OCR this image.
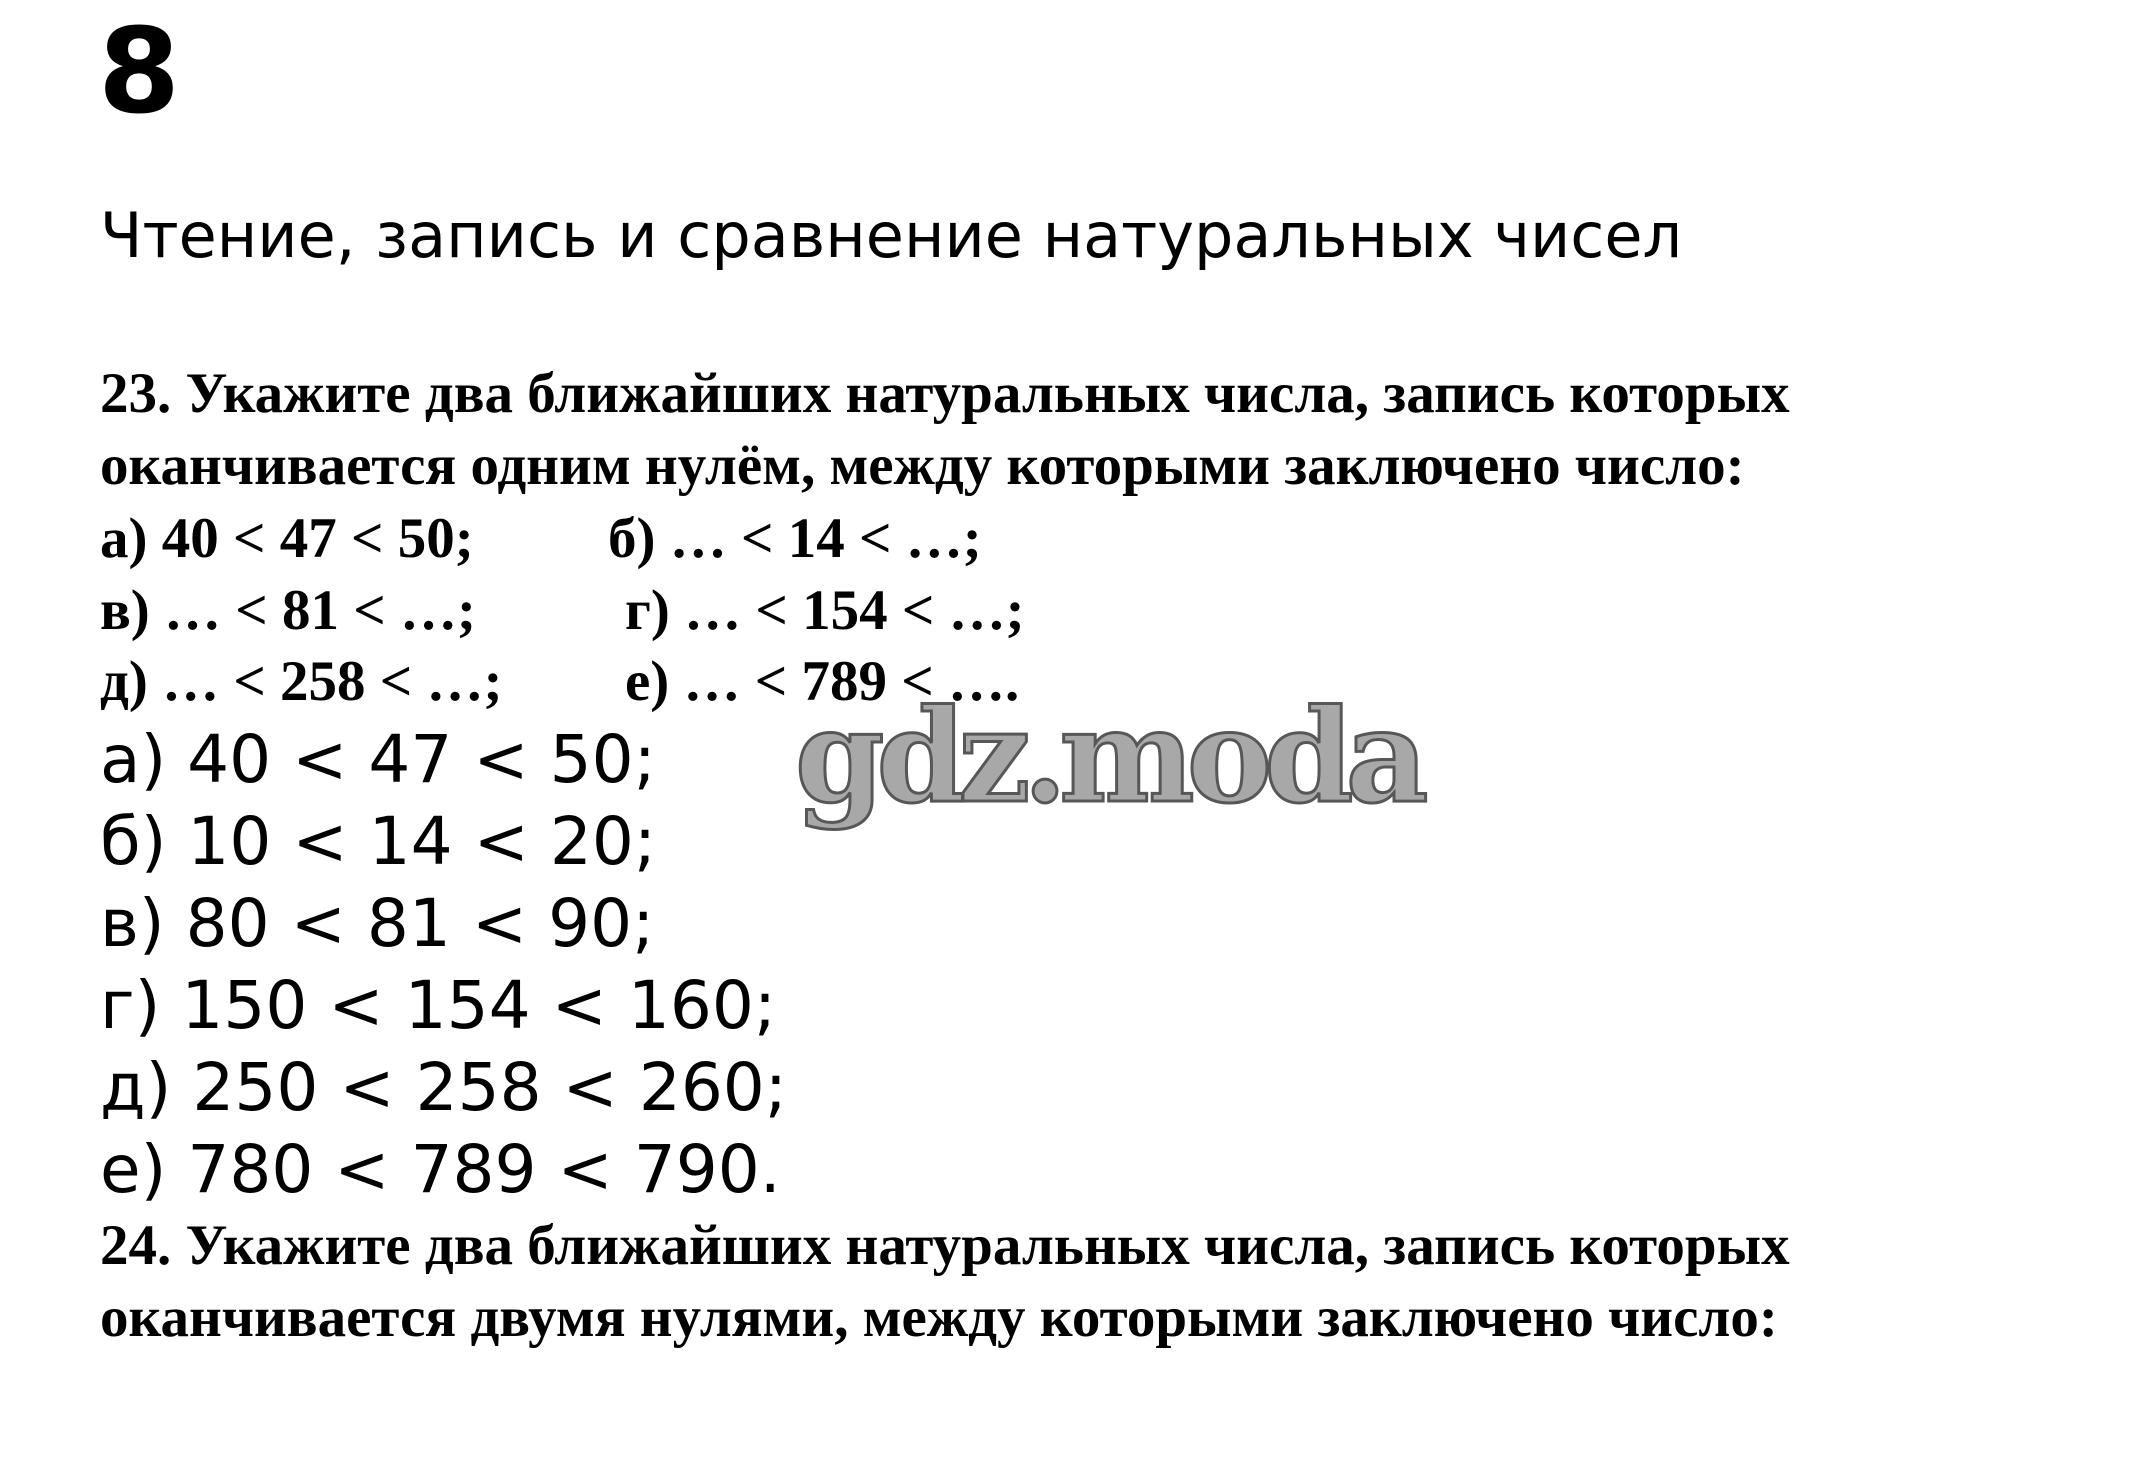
8
Чтение, запись и сравнение натуральных чисел
23. Укажите два ближайших натуральных числа, запись которых
оканчивается одним нулём, между которыми заключено число:
а) 40 < 47 < 50; б) … < 14 < …;
в) … < 81 < …;	г) … < 154 < …;
д) … < 258 < …; е) … < 789 < ….
а) 40 < 47 < 50;
б) 10 < 14 < 20;
в) 80 < 81 < 90;
г) 150 < 154 < 160;
д) 250 < 258 < 260;
е) 780 < 789 < 790.
24. Укажите два ближайших натуральных числа, запись которых
оканчивается двумя нулями, между которыми заключено число:
gdz.moda
